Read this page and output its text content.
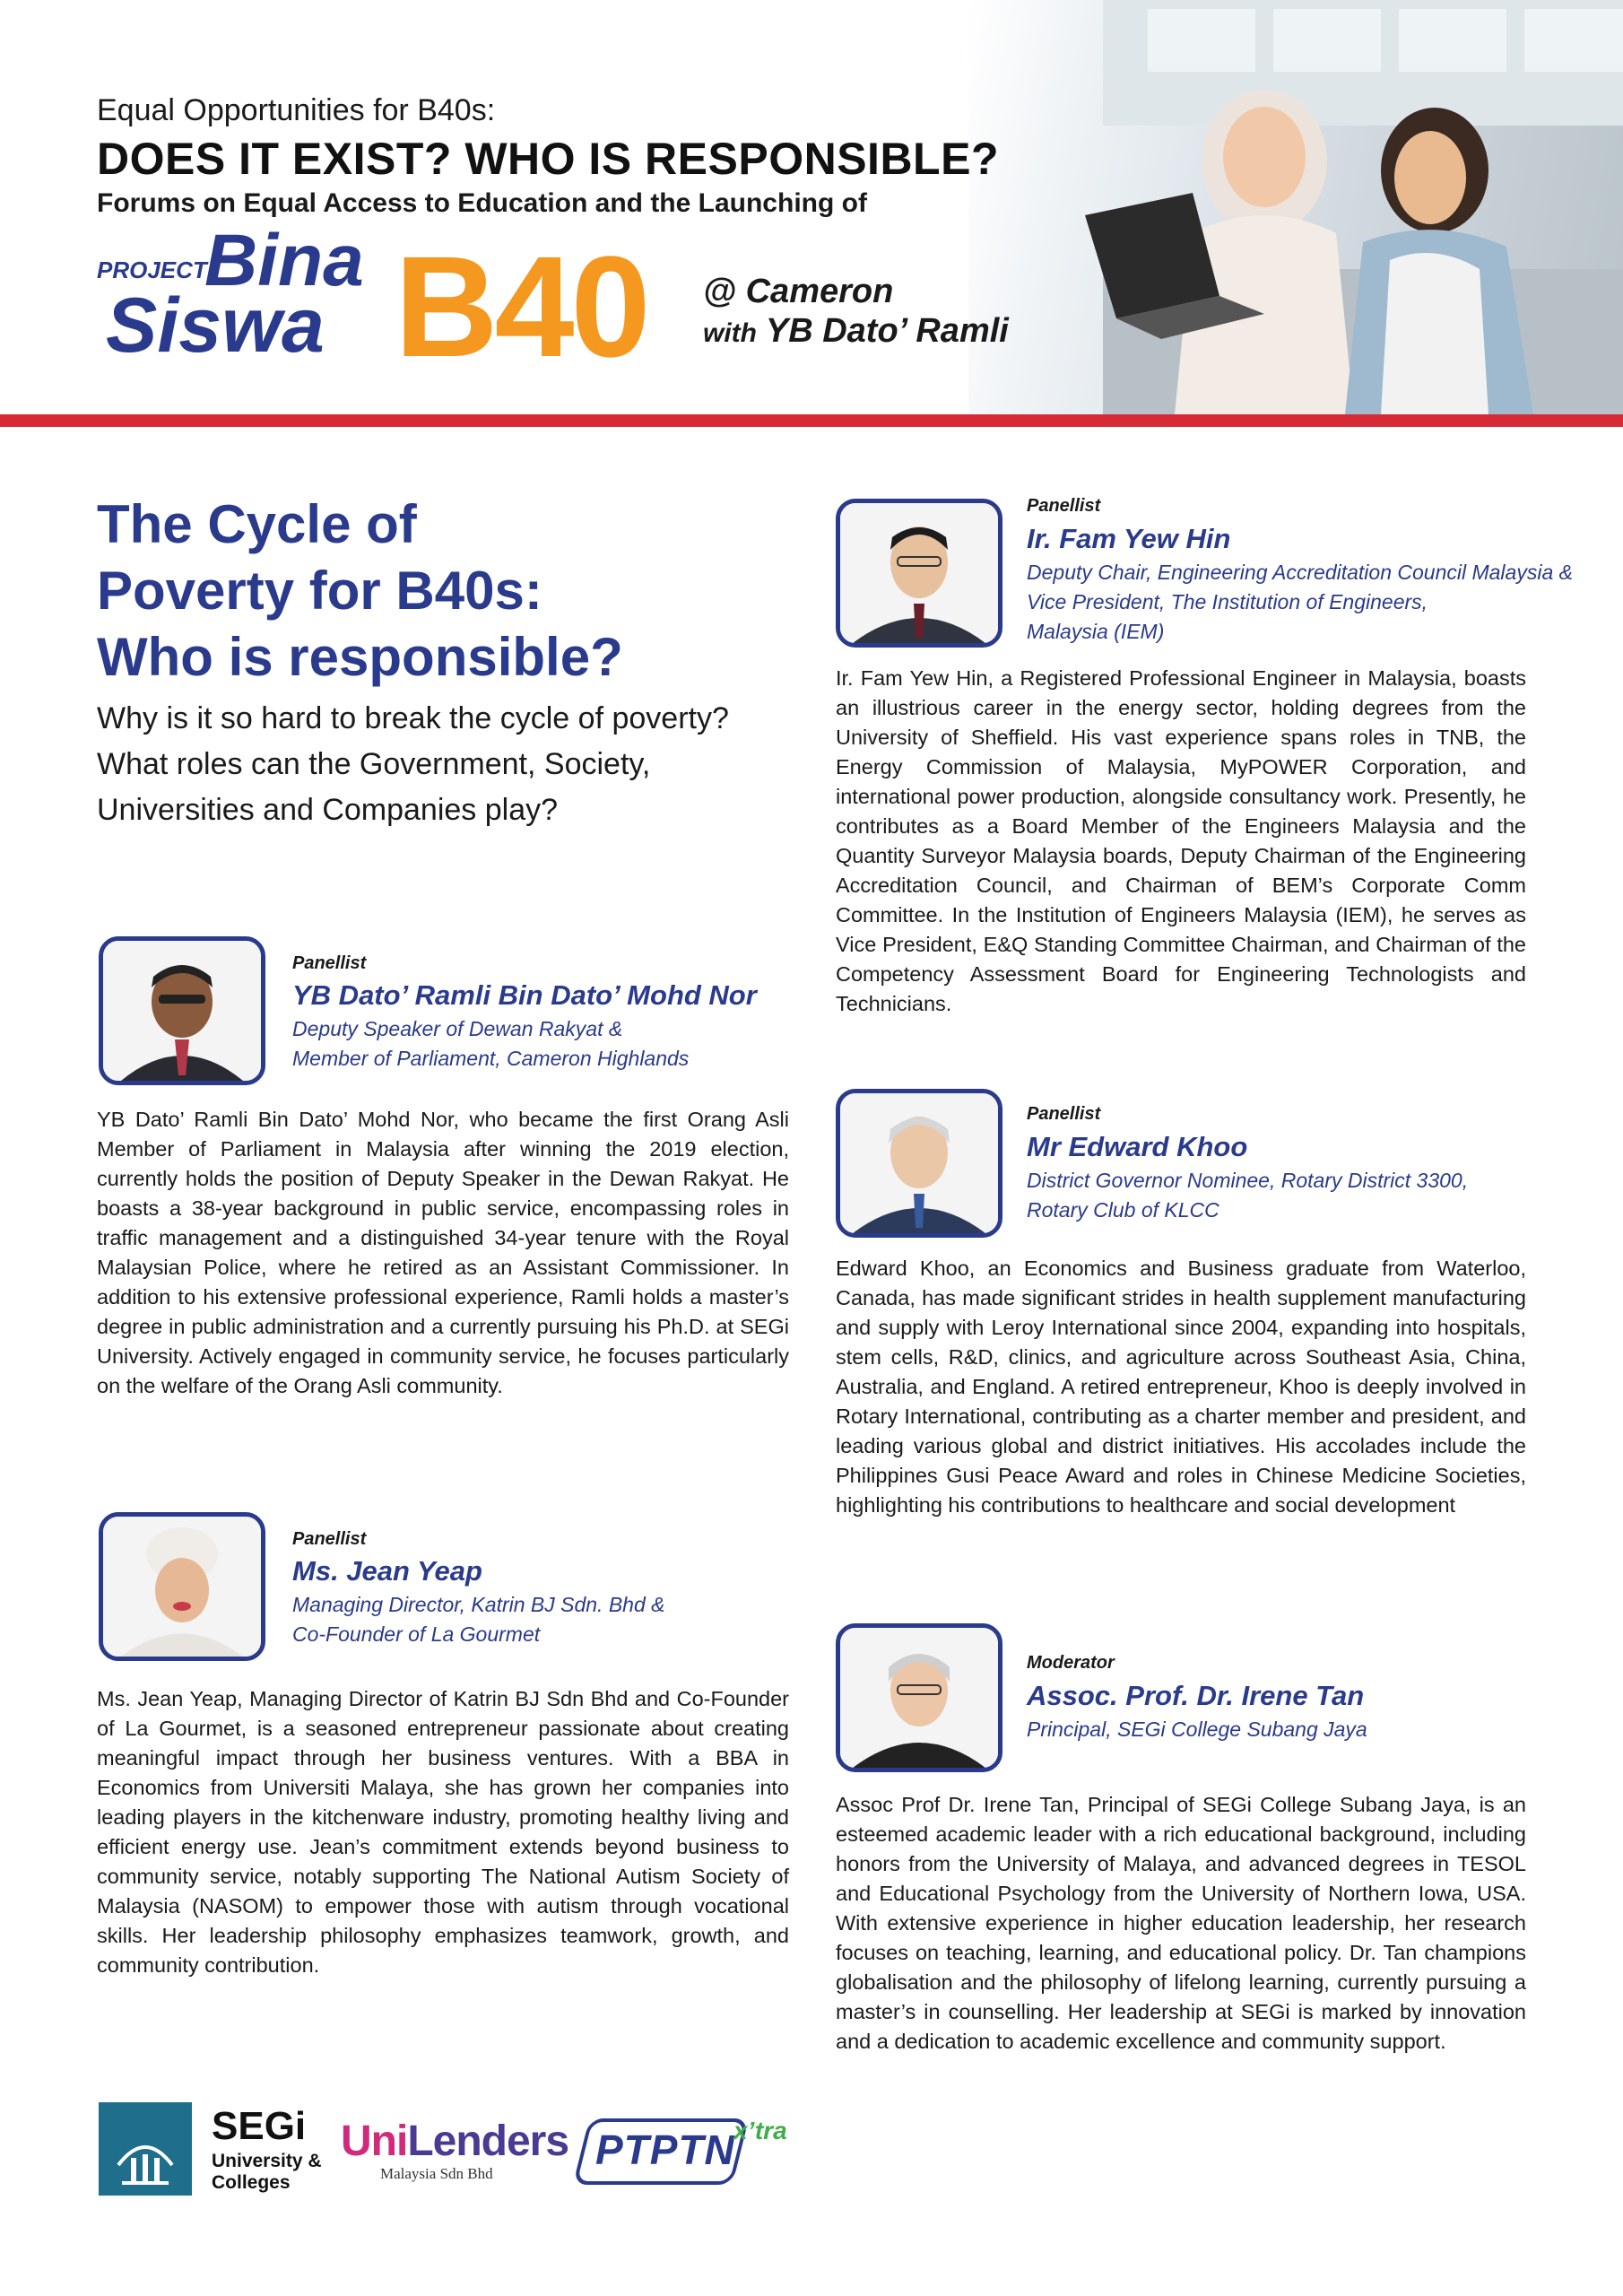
Equal Opportunities for B40s:
DOES IT EXIST? WHO IS RESPONSIBLE?
Forums on Equal Access to Education and the Launching of
PROJECT
Bina
Siswa B40 @ Cameron
with YB Dato’ Ramli
The Cycle of
Poverty for B40s:
Who is responsible?
Why is it so hard to break the cycle of poverty?
What roles can the Government, Society,
Universities and Companies play?
Panellist
YB Dato’ Ramli Bin Dato’ Mohd Nor
Deputy Speaker of Dewan Rakyat &
Member of Parliament, Cameron Highlands
YB Dato’ Ramli Bin Dato’ Mohd Nor, who became the first Orang Asli Member of Parliament in Malaysia after winning the 2019 election, currently holds the position of Deputy Speaker in the Dewan Rakyat. He boasts a 38-year background in public service, encompassing roles in traffic management and a distinguished 34-year tenure with the Royal Malaysian Police, where he retired as an Assistant Commissioner. In addition to his extensive professional experience, Ramli holds a master’s degree in public administration and a currently pursuing his Ph.D. at SEGi University. Actively engaged in community service, he focuses particularly on the welfare of the Orang Asli community.
Panellist
Ms. Jean Yeap
Managing Director, Katrin BJ Sdn. Bhd &
Co-Founder of La Gourmet
Ms. Jean Yeap, Managing Director of Katrin BJ Sdn Bhd and Co-Founder of La Gourmet, is a seasoned entrepreneur passionate about creating meaningful impact through her business ventures. With a BBA in Economics from Universiti Malaya, she has grown her companies into leading players in the kitchenware industry, promoting healthy living and efficient energy use. Jean’s commitment extends beyond business to community service, notably supporting The National Autism Society of Malaysia (NASOM) to empower those with autism through vocational skills. Her leadership philosophy emphasizes teamwork, growth, and community contribution.
Panellist
Ir. Fam Yew Hin
Deputy Chair, Engineering Accreditation Council Malaysia &
Vice President, The Institution of Engineers,
Malaysia (IEM)
Ir. Fam Yew Hin, a Registered Professional Engineer in Malaysia, boasts an illustrious career in the energy sector, holding degrees from the University of Sheffield. His vast experience spans roles in TNB, the Energy Commission of Malaysia, MyPOWER Corporation, and international power production, alongside consultancy work. Presently, he contributes as a Board Member of the Engineers Malaysia and the Quantity Surveyor Malaysia boards, Deputy Chairman of the Engineering Accreditation Council, and Chairman of BEM’s Corporate Comm Committee. In the Institution of Engineers Malaysia (IEM), he serves as Vice President, E&Q Standing Committee Chairman, and Chairman of the Competency Assessment Board for Engineering Technologists and Technicians.
Panellist
Mr Edward Khoo
District Governor Nominee, Rotary District 3300,
Rotary Club of KLCC
Edward Khoo, an Economics and Business graduate from Waterloo, Canada, has made significant strides in health supplement manufacturing and supply with Leroy International since 2004, expanding into hospitals, stem cells, R&D, clinics, and agriculture across Southeast Asia, China, Australia, and England. A retired entrepreneur, Khoo is deeply involved in Rotary International, contributing as a charter member and president, and leading various global and district initiatives. His accolades include the Philippines Gusi Peace Award and roles in Chinese Medicine Societies, highlighting his contributions to healthcare and social development
Moderator
Assoc. Prof. Dr. Irene Tan
Principal, SEGi College Subang Jaya
Assoc Prof Dr. Irene Tan, Principal of SEGi College Subang Jaya, is an esteemed academic leader with a rich educational background, including honors from the University of Malaya, and advanced degrees in TESOL and Educational Psychology from the University of Northern Iowa, USA. With extensive experience in higher education leadership, her research focuses on teaching, learning, and educational policy. Dr. Tan champions globalisation and the philosophy of lifelong learning, currently pursuing a master’s in counselling. Her leadership at SEGi is marked by innovation and a dedication to academic excellence and community support.
SEGi
University &
Colleges
UniLenders
Malaysia Sdn Bhd
PTPTN
x’tra
